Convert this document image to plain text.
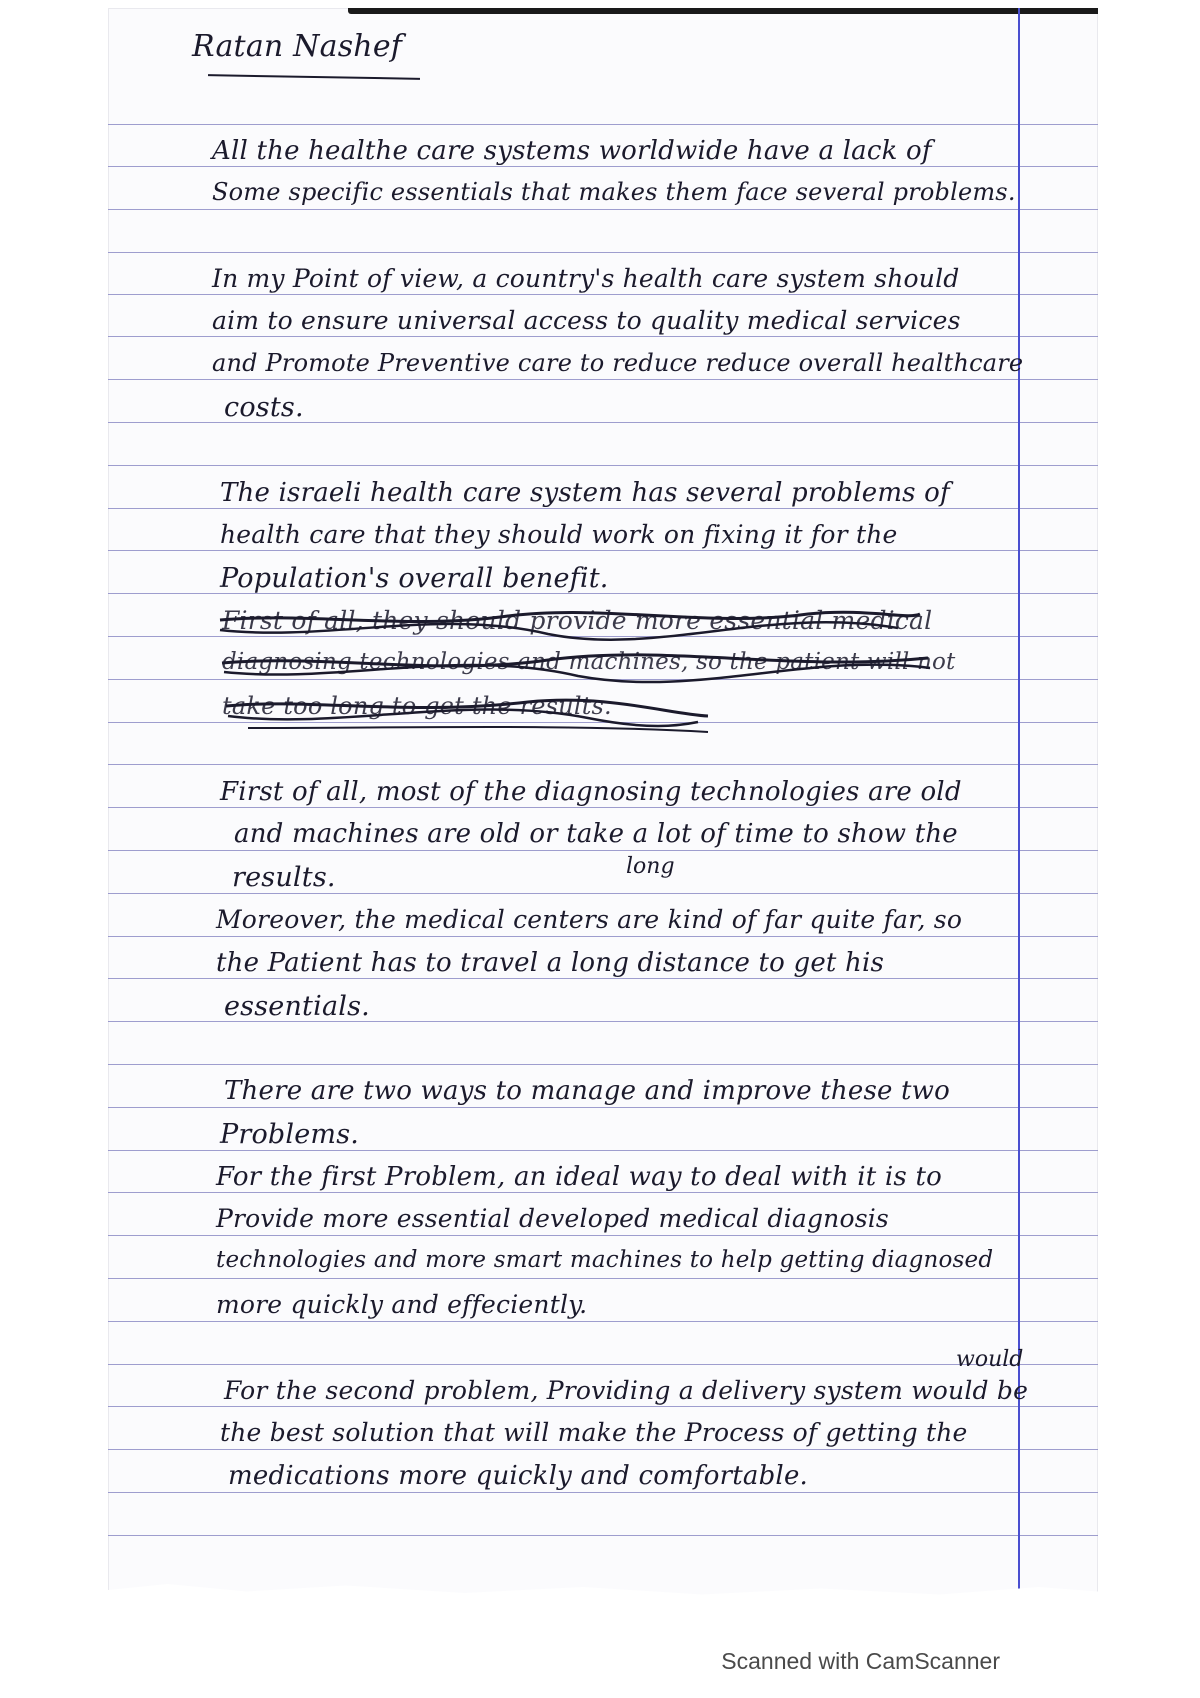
Ratan Nashef
All the healthe care systems worldwide have a lack of
Some specific essentials that makes them face several problems.
In my Point of view, a country's health care system should
aim to ensure universal access to quality medical services
and Promote Preventive care to reduce reduce overall healthcare
costs.
The israeli health care system has several problems of
health care that they should work on fixing it for the
Population's overall benefit.
First of all, they should provide more essential medical
diagnosing technologies and machines, so the patient will not
take too long to get the results.
First of all, most of the diagnosing technologies are old
and machines are old or take a lot of time to show the
long
results.
Moreover, the medical centers are kind of far quite far, so
the Patient has to travel a long distance to get his
essentials.
There are two ways to manage and improve these two
Problems.
For the first Problem, an ideal way to deal with it is to
Provide more essential developed medical diagnosis
technologies and more smart machines to help getting diagnosed
more quickly and effeciently.
would
For the second problem, Providing a delivery system would be
the best solution that will make the Process of getting the
medications more quickly and comfortable.
Scanned with CamScanner
